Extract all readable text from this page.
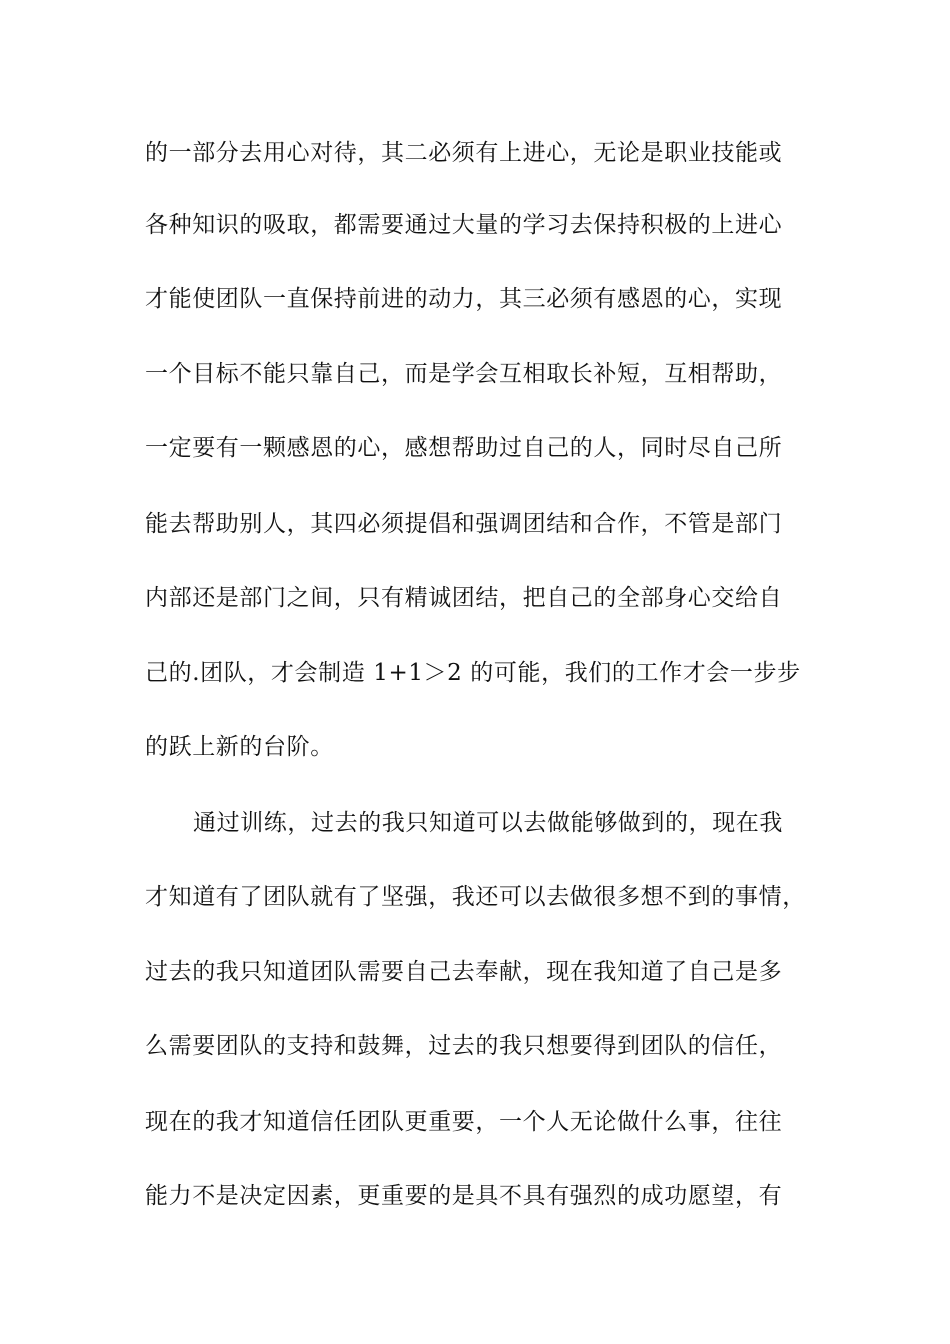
的一部分去用心对待，其二必须有上进心，无论是职业技能或
各种知识的吸取，都需要通过大量的学习去保持积极的上进心
才能使团队一直保持前进的动力，其三必须有感恩的心，实现
一个目标不能只靠自己，而是学会互相取长补短，互相帮助，
一定要有一颗感恩的心，感想帮助过自己的人，同时尽自己所
能去帮助别人，其四必须提倡和强调团结和合作，不管是部门
内部还是部门之间，只有精诚团结，把自己的全部身心交给自
己的.团队，才会制造 1+1＞2 的可能，我们的工作才会一步步
的跃上新的台阶。
通过训练，过去的我只知道可以去做能够做到的，现在我
才知道有了团队就有了坚强，我还可以去做很多想不到的事情，
过去的我只知道团队需要自己去奉献，现在我知道了自己是多
么需要团队的支持和鼓舞，过去的我只想要得到团队的信任，
现在的我才知道信任团队更重要，一个人无论做什么事，往往
能力不是决定因素，更重要的是具不具有强烈的成功愿望，有
